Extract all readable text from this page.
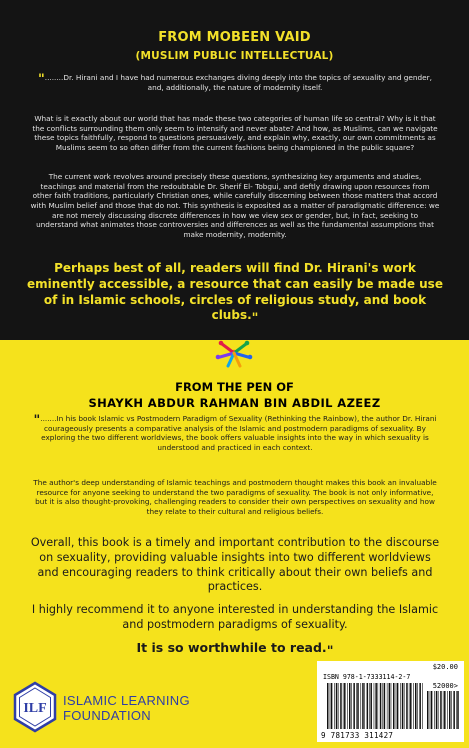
FROM MOBEEN VAID
(MUSLIM PUBLIC INTELLECTUAL)

"........Dr. Hirani and I have had numerous exchanges diving deeply into the topics of sexuality and gender, and, additionally, the nature of modernity itself.

What is it exactly about our world that has made these two categories of human life so central? Why is it that the conflicts surrounding them only seem to intensify and never abate? And how, as Muslims, can we navigate these topics faithfully, respond to questions persuasively, and explain why, exactly, our own commitments as Muslims seem to so often differ from the current fashions being championed in the public square?

The current work revolves around precisely these questions, synthesizing key arguments and studies, teachings and material from the redoubtable Dr. Sherif El- Tobgui, and deftly drawing upon resources from other faith traditions, particularly Christian ones, while carefully discerning between those matters that accord with Muslim belief and those that do not. This synthesis is exposited as a matter of paradigmatic difference: we are not merely discussing discrete differences in how we view sex or gender, but, in fact, seeking to understand what animates those controversies and differences as well as the fundamental assumptions that make modernity, modernity.

Perhaps best of all, readers will find Dr. Hirani's work eminently accessible, a resource that can easily be made use of in Islamic schools, circles of religious study, and book clubs."

FROM THE PEN OF
SHAYKH ABDUR RAHMAN BIN ABDIL AZEEZ

".......In his book Islamic vs Postmodern Paradigm of Sexuality (Rethinking the Rainbow), the author Dr. Hirani courageously presents a comparative analysis of the Islamic and postmodern paradigms of sexuality. By exploring the two different worldviews, the book offers valuable insights into the way in which sexuality is understood and practiced in each context.

The author's deep understanding of Islamic teachings and postmodern thought makes this book an invaluable resource for anyone seeking to understand the two paradigms of sexuality. The book is not only informative, but it is also thought-provoking, challenging readers to consider their own perspectives on sexuality and how they relate to their cultural and religious beliefs.

Overall, this book is a timely and important contribution to the discourse on sexuality, providing valuable insights into two different worldviews and encouraging readers to think critically about their own beliefs and practices.

I highly recommend it to anyone interested in understanding the Islamic and postmodern paradigms of sexuality.

It is so worthwhile to read."

ILF
ISLAMIC LEARNING
FOUNDATION
$20.00
ISBN 978-1-7333114-2-7
52000>
9 781733 311427
